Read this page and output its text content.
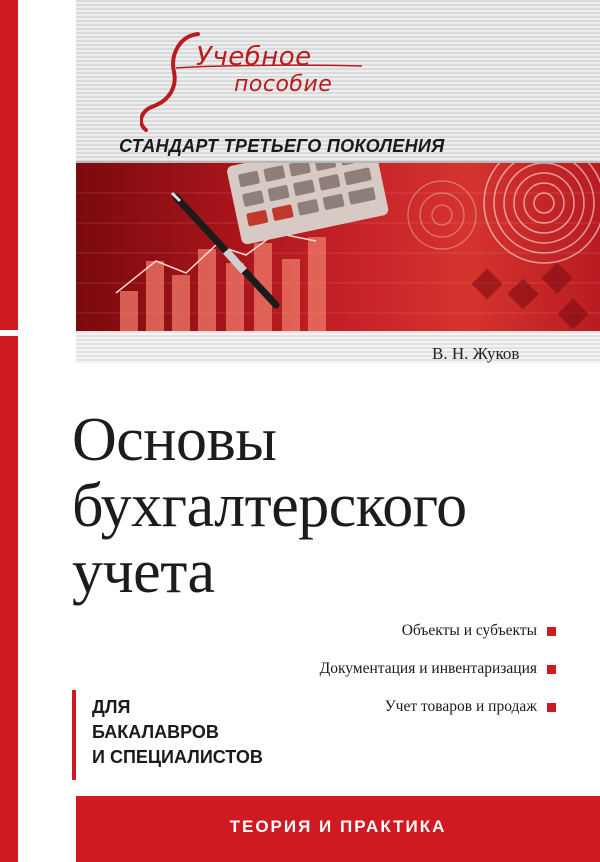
Учебное
пособие
СТАНДАРТ ТРЕТЬЕГО ПОКОЛЕНИЯ
В. Н. Жуков
Основы
бухгалтерского
учета
Объекты и субъекты
Документация и инвентаризация
Учет товаров и продаж
ДЛЯ
БАКАЛАВРОВ
И СПЕЦИАЛИСТОВ
ТЕОРИЯ И ПРАКТИКА
